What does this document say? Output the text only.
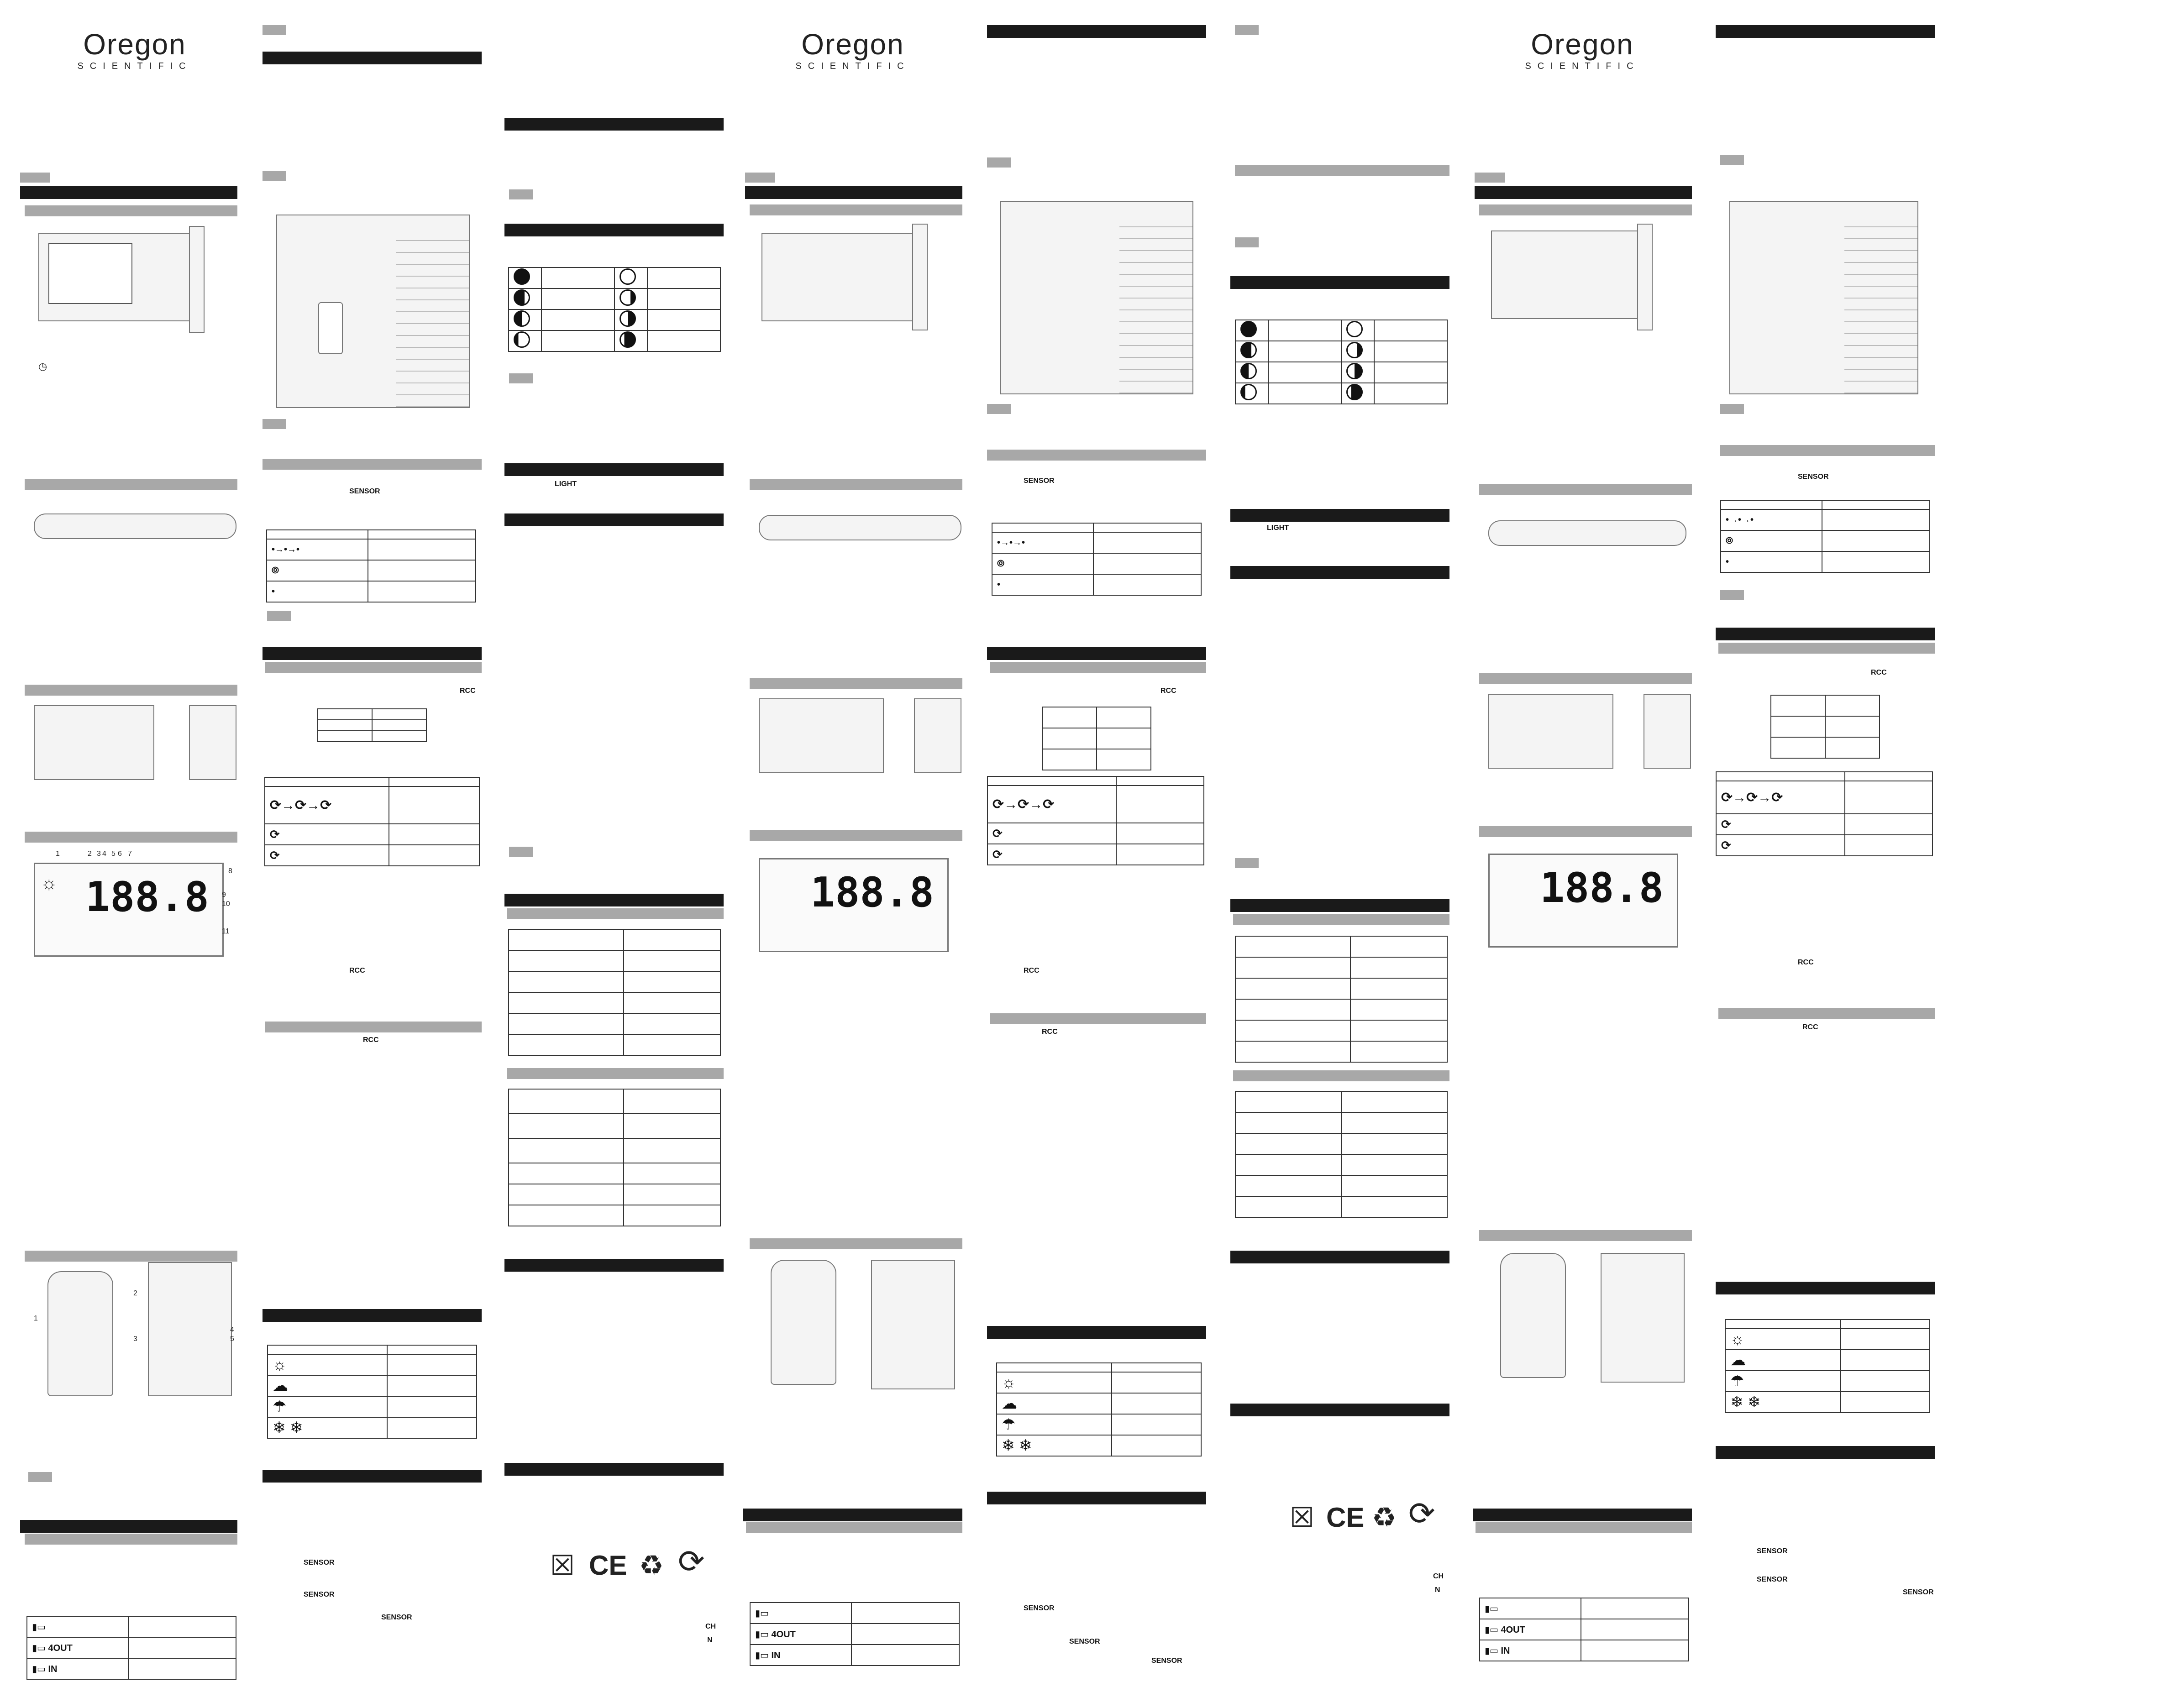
Oregon
SCIENTIFIC
◷
188.8
☼
1	2 3 4 5 6 7
8
9
10
11
1
2
3
4
5
▮▭	
▮▭ 4OUT	
▮▭ IN	
SENSOR

•→•→•	
⦾	
•	
RCC

⟳→⟳→⟳	
⟳	
⟳	
RCC
RCC

☼	
☁	
☂	
❄ ❄	
SENSOR
SENSOR
SENSOR

LIGHT

☒ CE ♻ ⟳
CH
N
Oregon
SCIENTIFIC
188.8
▮▭	
▮▭ 4OUT	
▮▭ IN	
SENSOR

•→•→•	
⦾	
•	
RCC

⟳→⟳→⟳	
⟳	
⟳	
RCC
RCC

☼	
☁	
☂	
❄ ❄	
SENSOR
SENSOR
SENSOR

LIGHT

☒ CE ♻ ⟳
CH
N
Oregon
SCIENTIFIC
188.8
▮▭	
▮▭ 4OUT	
▮▭ IN	
SENSOR

•→•→•	
⦾	
•	
RCC

⟳→⟳→⟳	
⟳	
⟳	
RCC
RCC

☼	
☁	
☂	
❄ ❄	
SENSOR
SENSOR
SENSOR
